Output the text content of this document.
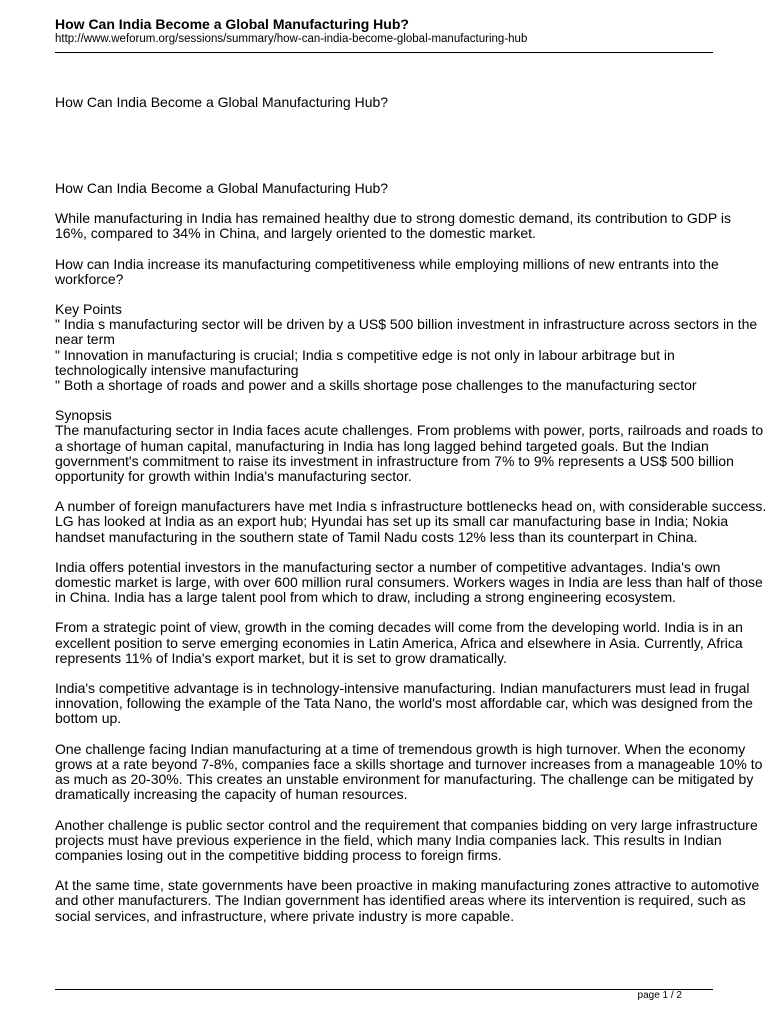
How Can India Become a Global Manufacturing Hub?
http://www.weforum.org/sessions/summary/how-can-india-become-global-manufacturing-hub
How Can India Become a Global Manufacturing Hub?

How Can India Become a Global Manufacturing Hub?

While manufacturing in India has remained healthy due to strong domestic demand, its contribution to GDP is
16%, compared to 34% in China, and largely oriented to the domestic market.

How can India increase its manufacturing competitiveness while employing millions of new entrants into the
workforce?

Key Points
" India s manufacturing sector will be driven by a US$ 500 billion investment in infrastructure across sectors in the
near term
" Innovation in manufacturing is crucial; India s competitive edge is not only in labour arbitrage but in
technologically intensive manufacturing
" Both a shortage of roads and power and a skills shortage pose challenges to the manufacturing sector

Synopsis
The manufacturing sector in India faces acute challenges. From problems with power, ports, railroads and roads to
a shortage of human capital, manufacturing in India has long lagged behind targeted goals. But the Indian
government's commitment to raise its investment in infrastructure from 7% to 9% represents a US$ 500 billion
opportunity for growth within India's manufacturing sector.

A number of foreign manufacturers have met India s infrastructure bottlenecks head on, with considerable success.
LG has looked at India as an export hub; Hyundai has set up its small car manufacturing base in India; Nokia
handset manufacturing in the southern state of Tamil Nadu costs 12% less than its counterpart in China.

India offers potential investors in the manufacturing sector a number of competitive advantages. India's own
domestic market is large, with over 600 million rural consumers. Workers wages in India are less than half of those
in China. India has a large talent pool from which to draw, including a strong engineering ecosystem.

From a strategic point of view, growth in the coming decades will come from the developing world. India is in an
excellent position to serve emerging economies in Latin America, Africa and elsewhere in Asia. Currently, Africa
represents 11% of India's export market, but it is set to grow dramatically.

India's competitive advantage is in technology-intensive manufacturing. Indian manufacturers must lead in frugal
innovation, following the example of the Tata Nano, the world's most affordable car, which was designed from the
bottom up.

One challenge facing Indian manufacturing at a time of tremendous growth is high turnover. When the economy
grows at a rate beyond 7-8%, companies face a skills shortage and turnover increases from a manageable 10% to
as much as 20-30%. This creates an unstable environment for manufacturing. The challenge can be mitigated by
dramatically increasing the capacity of human resources.

Another challenge is public sector control and the requirement that companies bidding on very large infrastructure
projects must have previous experience in the field, which many India companies lack. This results in Indian
companies losing out in the competitive bidding process to foreign firms.

At the same time, state governments have been proactive in making manufacturing zones attractive to automotive
and other manufacturers. The Indian government has identified areas where its intervention is required, such as
social services, and infrastructure, where private industry is more capable.

page 1 / 2
